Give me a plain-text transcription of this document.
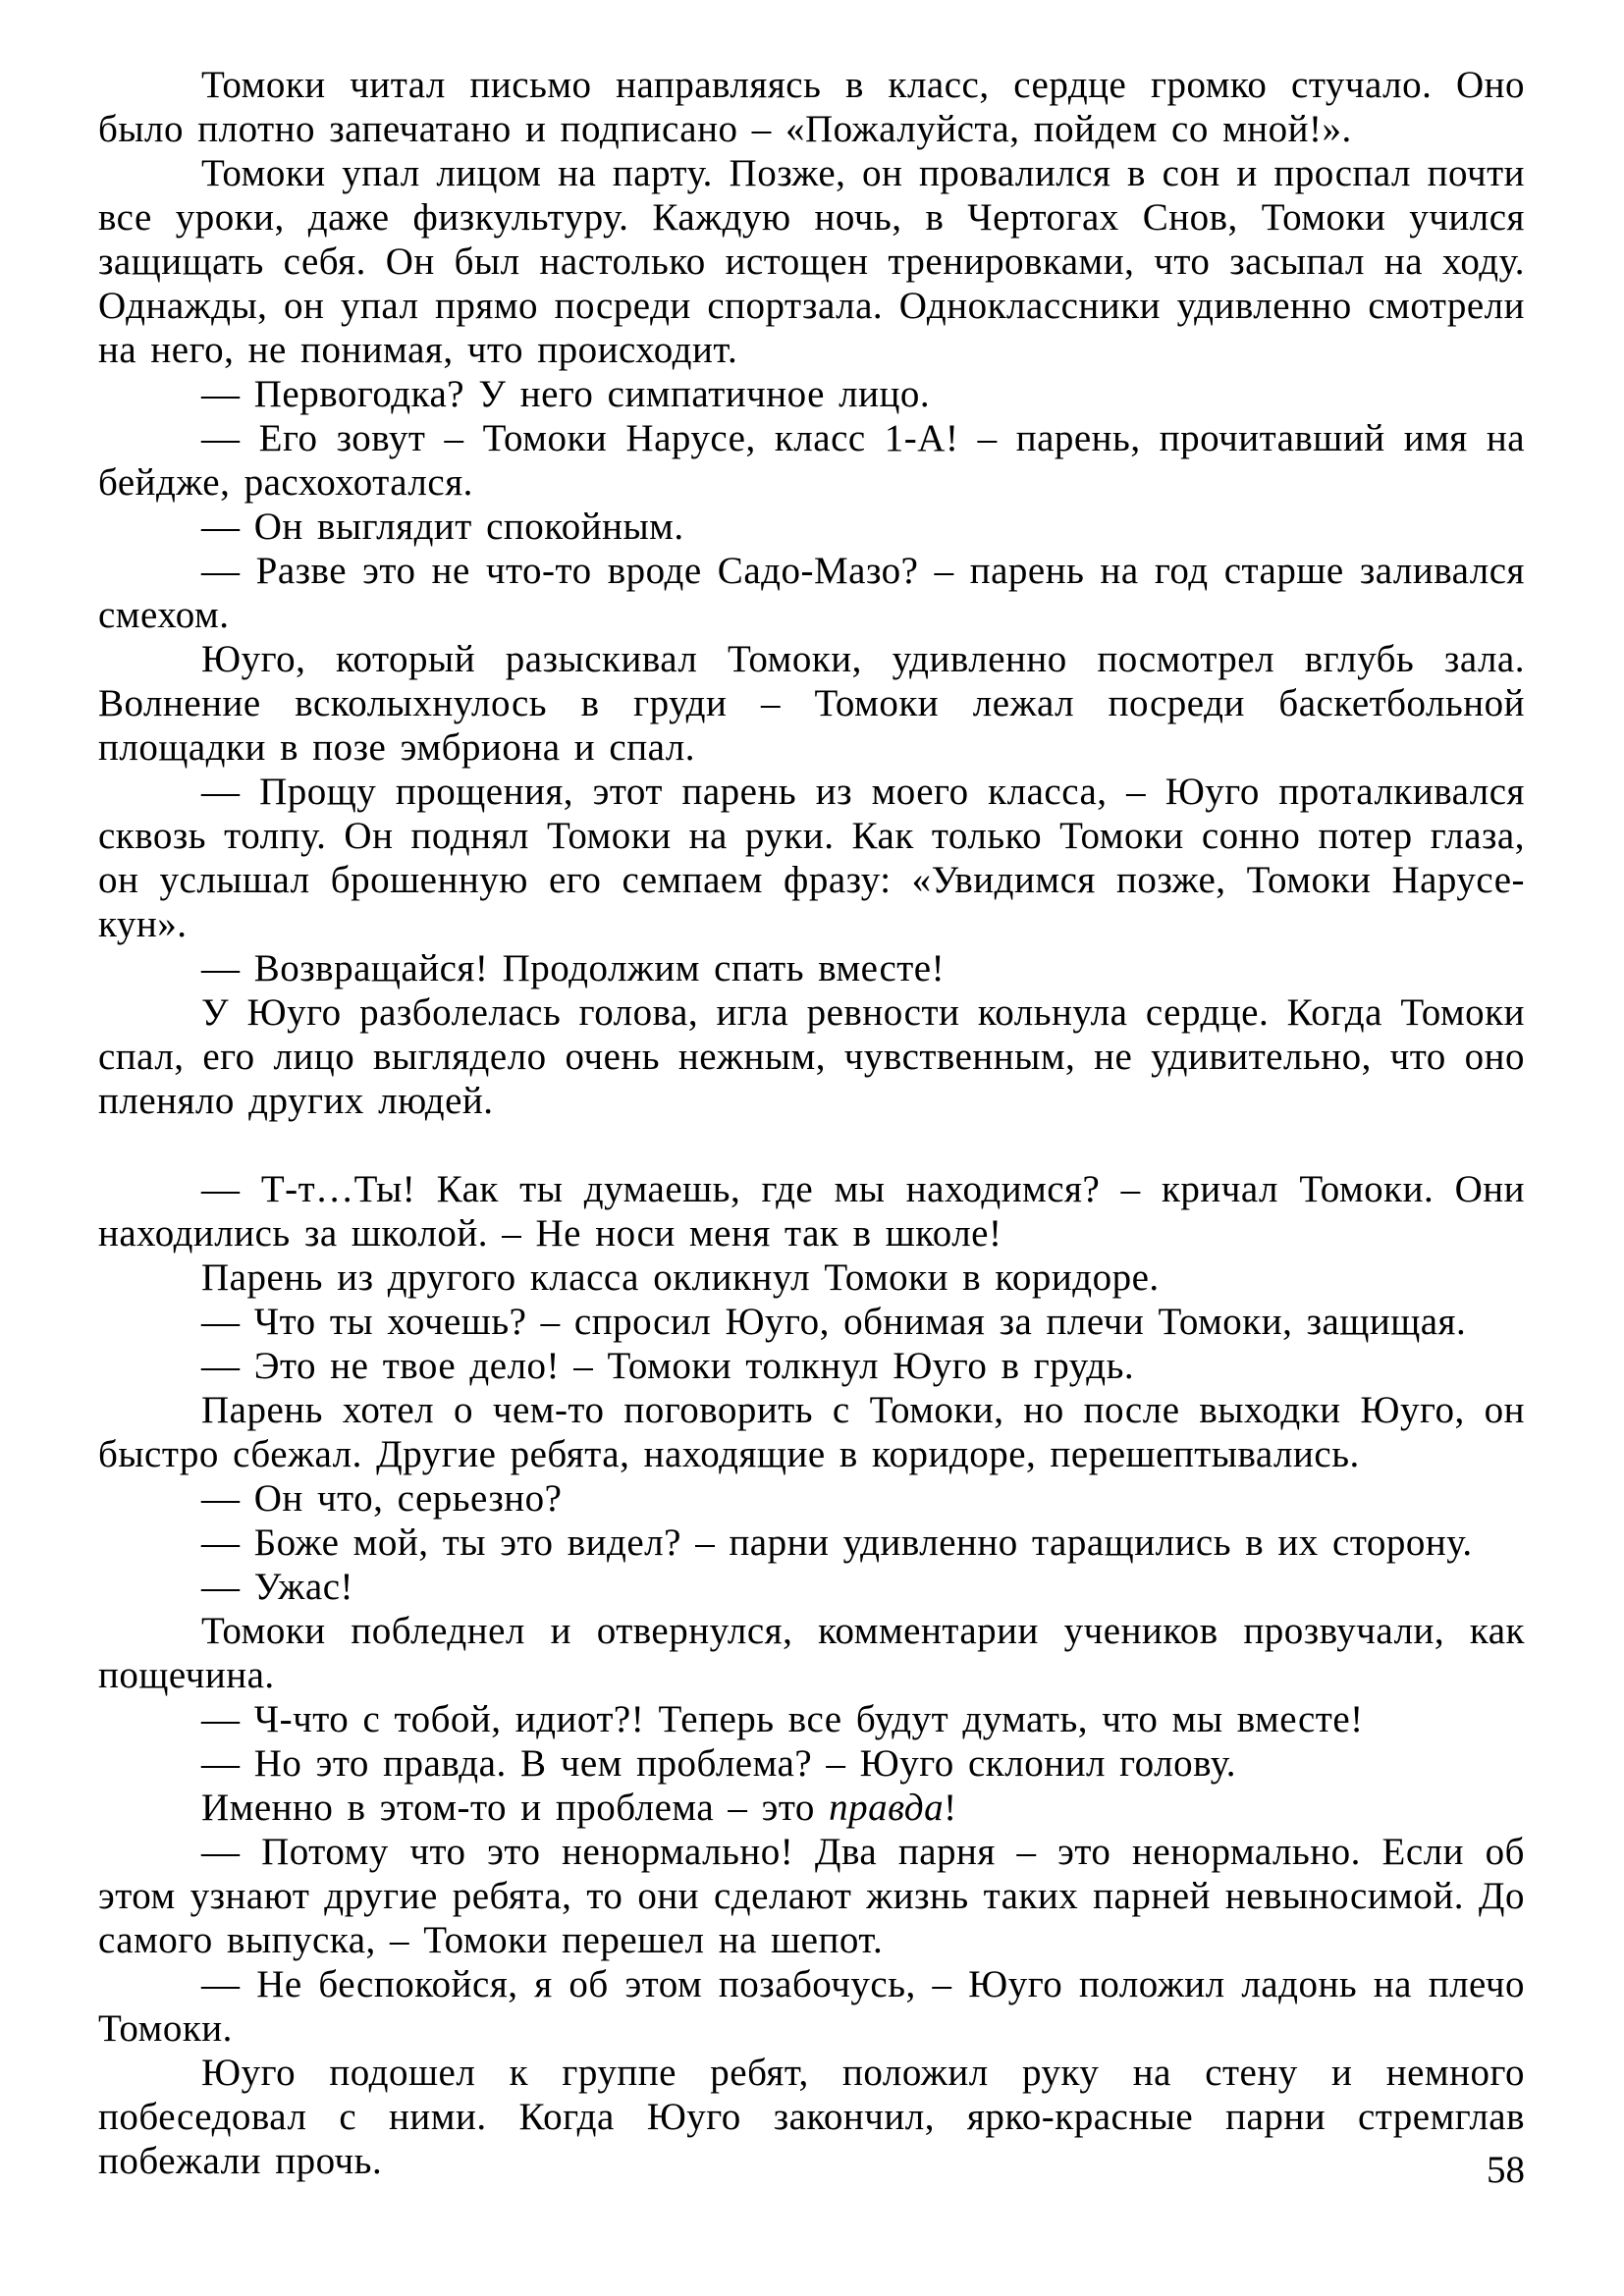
Томоки читал письмо направляясь в класс, сердце громко стучало. Оно было плотно запечатано и подписано – «Пожалуйста, пойдем со мной!».

Томоки упал лицом на парту. Позже, он провалился в сон и проспал почти все уроки, даже физкультуру. Каждую ночь, в Чертогах Снов, Томоки учился защищать себя. Он был настолько истощен тренировками, что засыпал на ходу. Однажды, он упал прямо посреди спортзала. Одноклассники удивленно смотрели на него, не понимая, что происходит.

— Первогодка? У него симпатичное лицо.

— Его зовут – Томоки Нарусе, класс 1-А! – парень, прочитавший имя на бейдже, расхохотался.

— Он выглядит спокойным.

— Разве это не что-то вроде Садо-Мазо? – парень на год старше заливался смехом.

Юуго, который разыскивал Томоки, удивленно посмотрел вглубь зала. Волнение всколыхнулось в груди – Томоки лежал посреди баскетбольной площадки в позе эмбриона и спал.

— Прощу прощения, этот парень из моего класса, – Юуго проталкивался сквозь толпу. Он поднял Томоки на руки. Как только Томоки сонно потер глаза, он услышал брошенную его семпаем фразу: «Увидимся позже, Томоки Нарусе-кун».

— Возвращайся! Продолжим спать вместе!

У Юуго разболелась голова, игла ревности кольнула сердце. Когда Томоки спал, его лицо выглядело очень нежным, чувственным, не удивительно, что оно пленяло других людей.

— Т-т…Ты! Как ты думаешь, где мы находимся? – кричал Томоки. Они находились за школой. – Не носи меня так в школе!

Парень из другого класса окликнул Томоки в коридоре.

— Что ты хочешь? – спросил Юуго, обнимая за плечи Томоки, защищая.

— Это не твое дело! – Томоки толкнул Юуго в грудь.

Парень хотел о чем-то поговорить с Томоки, но после выходки Юуго, он быстро сбежал. Другие ребята, находящие в коридоре, перешептывались.

— Он что, серьезно?

— Боже мой, ты это видел? – парни удивленно таращились в их сторону.

— Ужас!

Томоки побледнел и отвернулся, комментарии учеников прозвучали, как пощечина.

— Ч-что с тобой, идиот?! Теперь все будут думать, что мы вместе!

— Но это правда. В чем проблема? – Юуго склонил голову.

Именно в этом-то и проблема – это правда!

— Потому что это ненормально! Два парня – это ненормально. Если об этом узнают другие ребята, то они сделают жизнь таких парней невыносимой. До самого выпуска, – Томоки перешел на шепот.

— Не беспокойся, я об этом позабочусь, – Юуго положил ладонь на плечо Томоки.

Юуго подошел к группе ребят, положил руку на стену и немного побеседовал с ними. Когда Юуго закончил, ярко-красные парни стремглав побежали прочь.	58
